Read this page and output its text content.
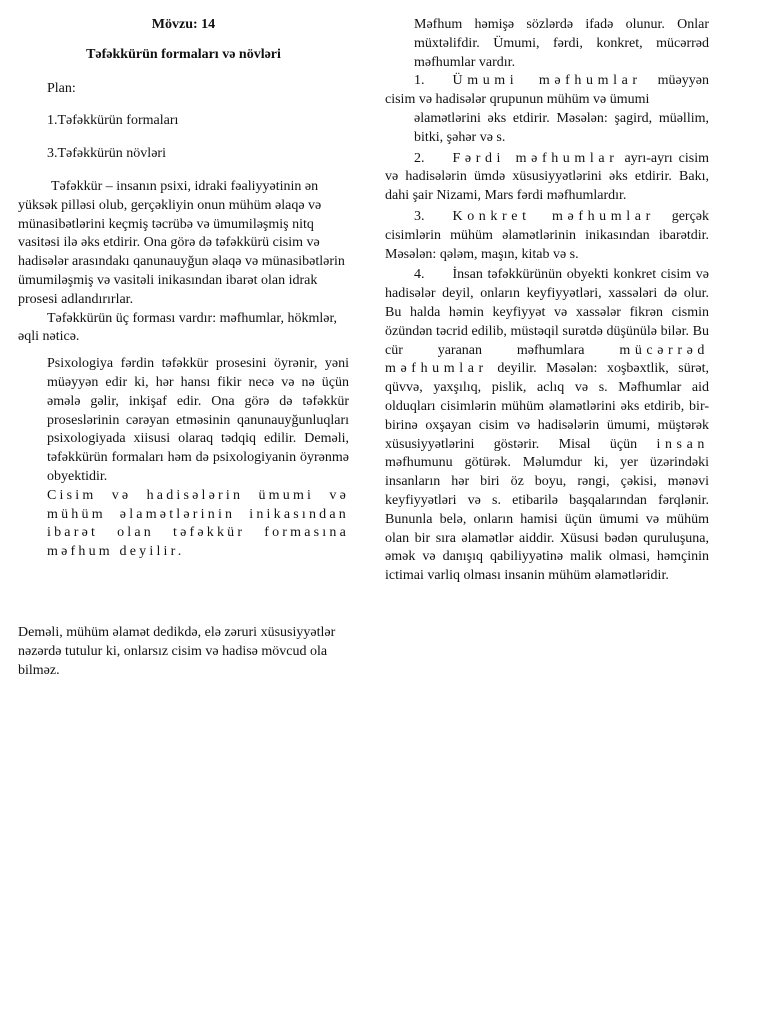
Mövzu: 14

Təfəkkürün formaları və növləri

Plan:

1.Təfəkkürün formaları

3.Təfəkkürün növləri

Təfəkkür – insanın psixi, idraki fəaliyyətinin ən yüksək pilləsi olub, gerçəkliyin onun mühüm əlaqə və münasibətlərini keçmiş təcrübə və ümumiləşmiş nitq vasitəsi ilə əks etdirir. Ona görə də təfəkkürü cisim və hadisələr arasındakı qanunauyğun əlaqə və münasibətlərin ümumiləşmiş və vasitəli inikasından ibarət olan idrak prosesi adlandırırlar.

Təfəkkürün üç forması vardır: məfhumlar, hökmlər, əqli nəticə.

Psixologiya fərdin təfəkkür prosesini öyrənir, yəni müəyyən edir ki, hər hansı fikir necə və nə üçün əmələ gəlir, inkişaf edir. Ona görə də təfəkkür proseslərinin cərəyan etməsinin qanunauyğunluqları psixologiyada xiisusi olaraq tədqiq edilir. Deməli, təfəkkürün formaları həm də psixologiyanin öyrənmə obyektidir.

Cisim və hadisələrin ümumi və mühüm əlamətlərinin inikasından ibarət olan təfəkkür formasına məfhum deyilir.

Deməli, mühüm əlamət dedikdə, elə zəruri xüsusiyyətlər nəzərdə tutulur ki, onlarsız cisim və hadisə mövcud ola bilməz.

Məfhum həmişə sözlərdə ifadə olunur. Onlar müxtəlifdir. Ümumi, fərdi, konkret, mücərrəd məfhumlar vardır.

1. Ümumi məfhumlar müəyyən cisim və hadisələr qrupunun mühüm və ümumi

əlamətlərini əks etdirir. Məsələn: şagird, müəllim, bitki, şəhər və s.

2. Fərdi məfhumlar ayrı-ayrı cisim və hadisələrin ümdə xüsusiyyətlərini əks etdirir. Bakı, dahi şair Nizami, Mars fərdi məfhumlardır.

3. Konkret məfhumlar gerçək cisimlərin mühüm əlamətlərinin inikasından ibarətdir. Məsələn: qələm, maşın, kitab və s.

4. İnsan təfəkkürünün obyekti konkret cisim və hadisələr deyil, onların keyfiyyətləri, xassələri də olur. Bu halda həmin keyfiyyət və xassələr fikrən cismin özündən təcrid edilib, müstəqil surətdə düşünülə bilər. Bu cür yaranan məfhumlara mücərrəd məfhumlar deyilir. Məsələn: xoşbəxtlik, sürət, qüvvə, yaxşılıq, pislik, aclıq və s. Məfhumlar aid olduqları cisimlərin mühüm əlamətlərini əks etdirib, bir-birinə oxşayan cisim və hadisələrin ümumi, müştərək xüsusiyyətlərini göstərir. Misal üçün insan məfhumunu götürək. Məlumdur ki, yer üzərindəki insanların hər biri öz boyu, rəngi, çəkisi, mənəvi keyfiyyətləri və s. etibarilə başqalarından fərqlənir. Bununla belə, onların hamisi üçün ümumi və mühüm olan bir sıra əlamətlər aiddir. Xüsusi bədən quruluşuna, əmək və danışıq qabiliyyətinə malik olmasi, həmçinin ictimai varliq olması insanin mühüm əlamətləridir.
